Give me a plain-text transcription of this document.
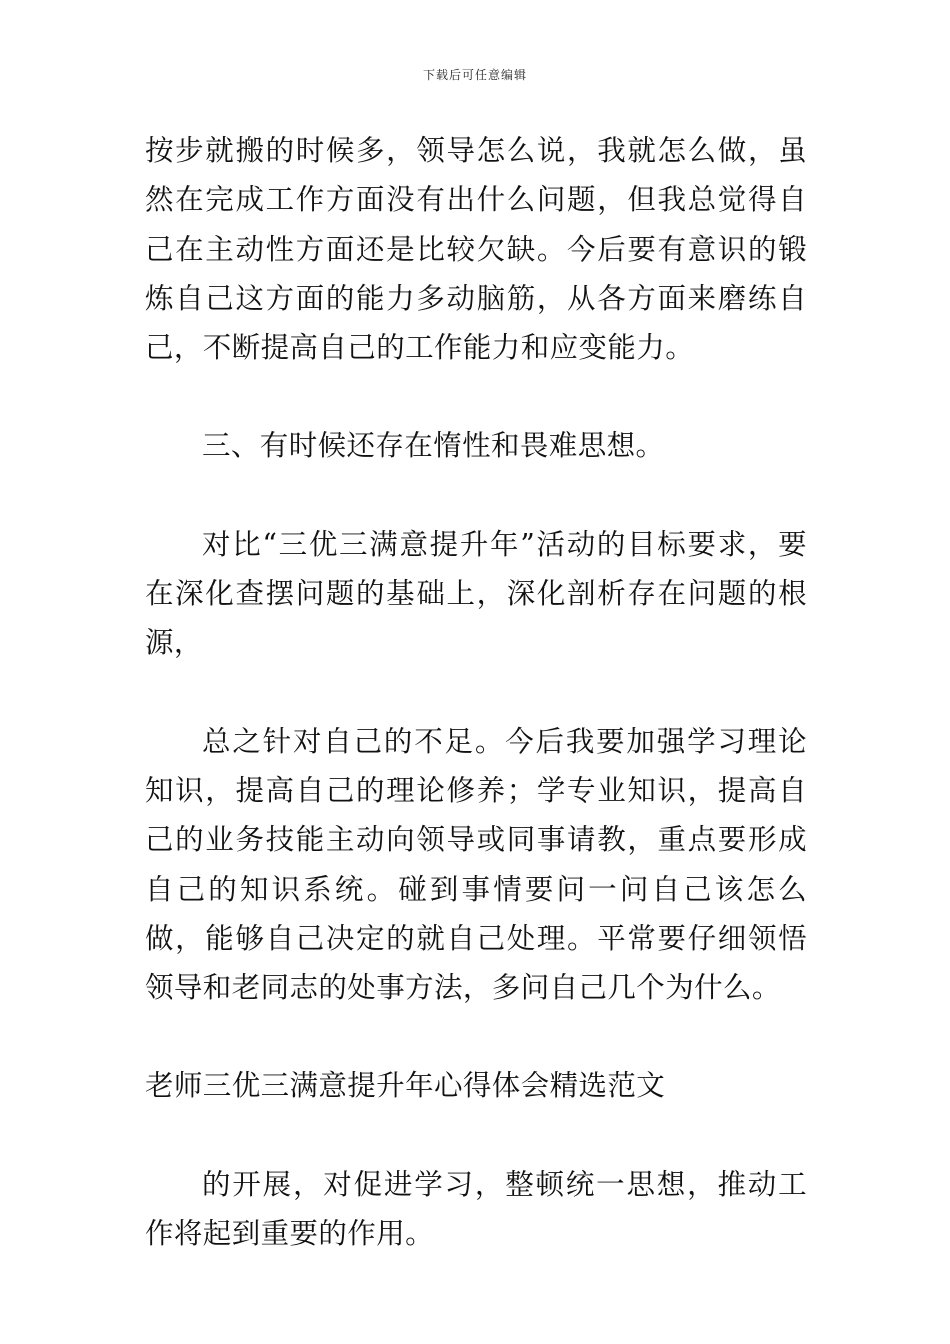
下载后可任意编辑

按步就搬的时候多，领导怎么说，我就怎么做，虽然在完成工作方面没有出什么问题，但我总觉得自己在主动性方面还是比较欠缺。今后要有意识的锻炼自己这方面的能力多动脑筋，从各方面来磨练自己，不断提高自己的工作能力和应变能力。

三、有时候还存在惰性和畏难思想。

对比“三优三满意提升年”活动的目标要求，要在深化查摆问题的基础上，深化剖析存在问题的根源，

总之针对自己的不足。今后我要加强学习理论知识，提高自己的理论修养；学专业知识，提高自己的业务技能主动向领导或同事请教，重点要形成自己的知识系统。碰到事情要问一问自己该怎么做，能够自己决定的就自己处理。平常要仔细领悟领导和老同志的处事方法，多问自己几个为什么。

老师三优三满意提升年心得体会精选范文

的开展，对促进学习，整顿统一思想，推动工作将起到重要的作用。
